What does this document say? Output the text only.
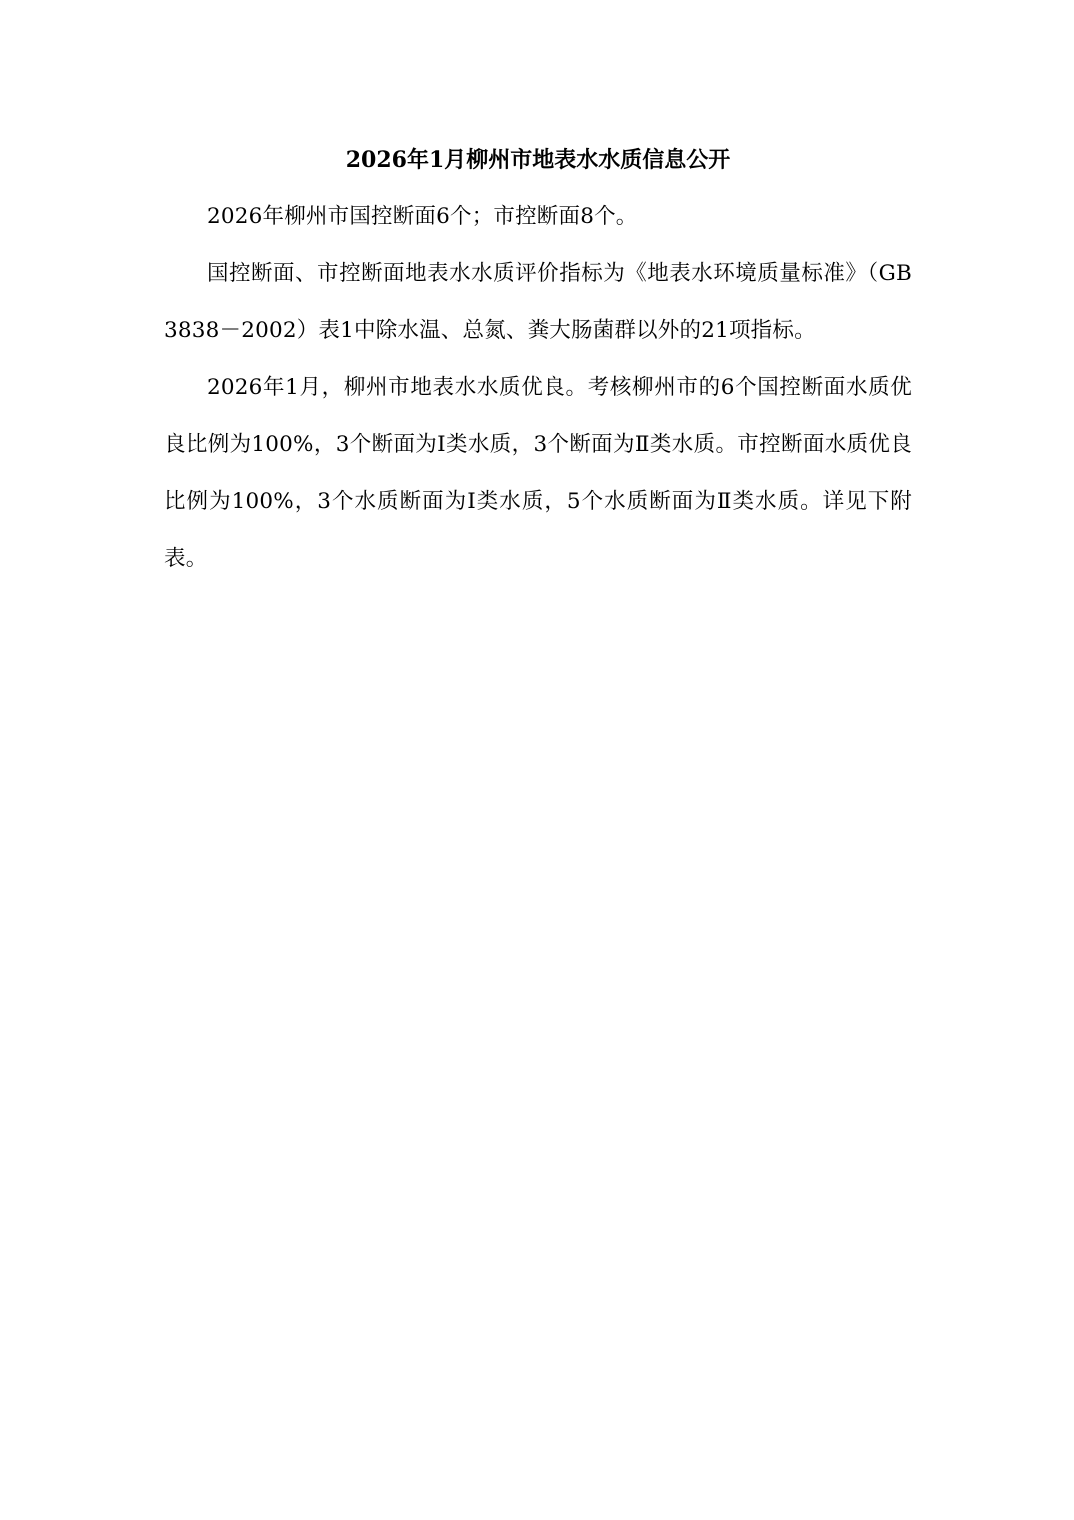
2026年1月柳州市地表水水质信息公开

2026年柳州市国控断面6个；市控断面8个。

国控断面、市控断面地表水水质评价指标为《地表水环境质量标准》（GB 3838－2002）表1中除水温、总氮、粪大肠菌群以外的21项指标。

2026年1月，柳州市地表水水质优良。考核柳州市的6个国控断面水质优良比例为100%，3个断面为Ⅰ类水质，3个断面为Ⅱ类水质。市控断面水质优良比例为100%，3个水质断面为Ⅰ类水质，5个水质断面为Ⅱ类水质。详见下附表。
